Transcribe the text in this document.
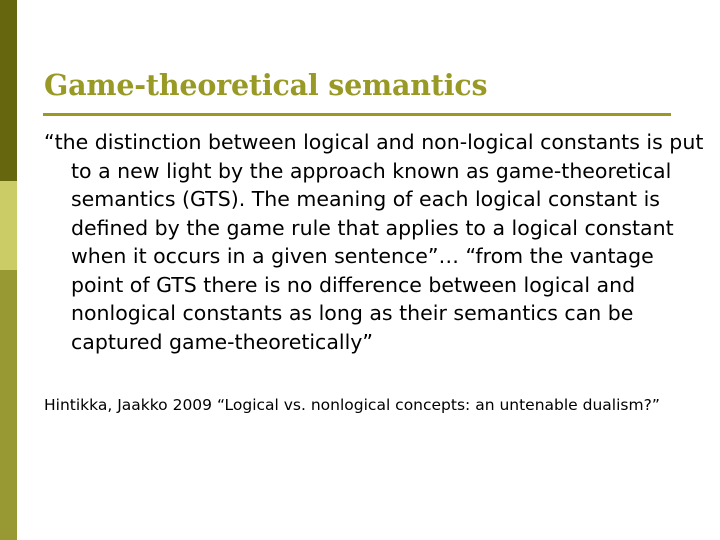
Game-theoretical semantics

“the distinction between logical and non-logical constants is put to a new light by the approach known as game-theoretical semantics (GTS). The meaning of each logical constant is defined by the game rule that applies to a logical constant when it occurs in a given sentence”… “from the vantage point of GTS there is no difference between logical and nonlogical constants as long as their semantics can be captured game-theoretically”

Hintikka, Jaakko 2009 “Logical vs. nonlogical concepts: an untenable dualism?”
